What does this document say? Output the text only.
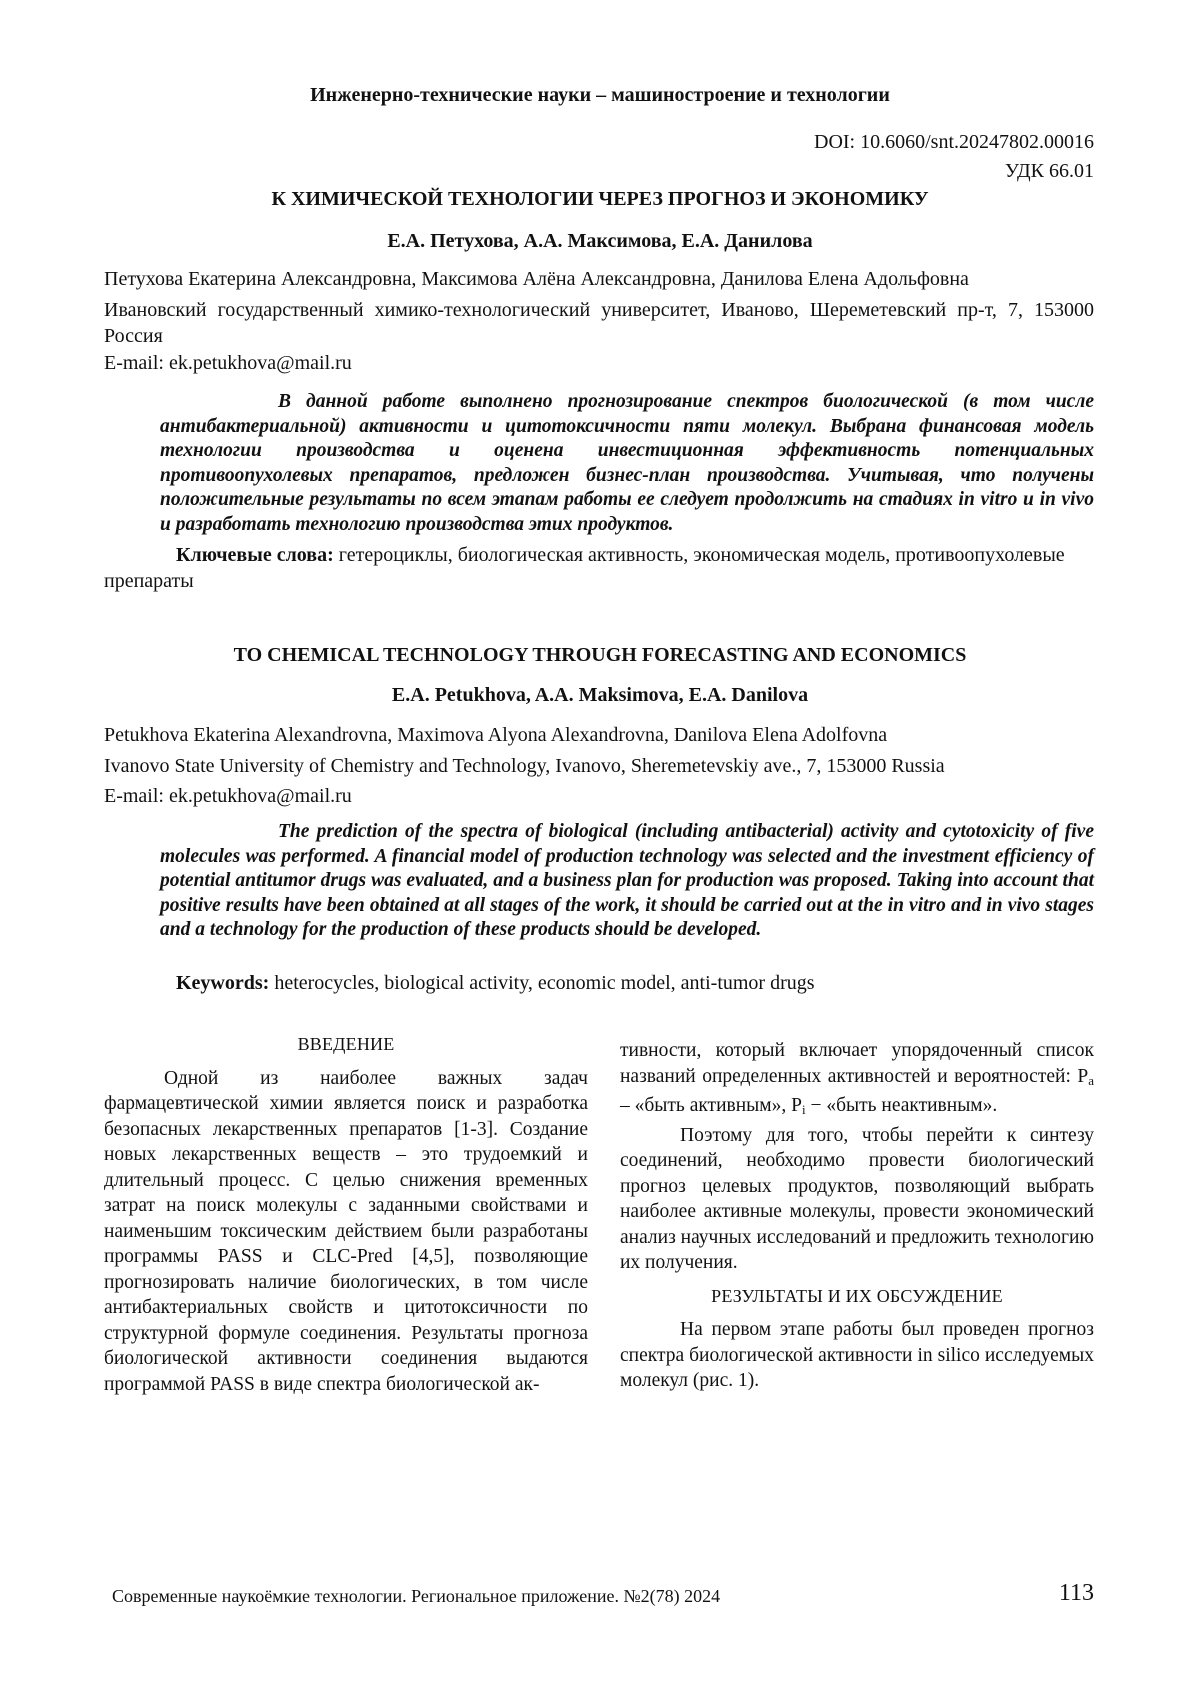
Инженерно-технические науки – машиностроение и технологии
DOI: 10.6060/snt.20247802.00016
УДК 66.01
К ХИМИЧЕСКОЙ ТЕХНОЛОГИИ ЧЕРЕЗ ПРОГНОЗ И ЭКОНОМИКУ
Е.А. Петухова, А.А. Максимова, Е.А. Данилова
Петухова Екатерина Александровна, Максимова Алёна Александровна, Данилова Елена Адольфовна
Ивановский государственный химико-технологический университет, Иваново, Шереметевский пр-т, 7, 153000 Россия
E-mail: ek.petukhova@mail.ru
В данной работе выполнено прогнозирование спектров биологической (в том числе антибактериальной) активности и цитотоксичности пяти молекул. Выбрана финансовая модель технологии производства и оценена инвестиционная эффективность потенциальных противоопухолевых препаратов, предложен бизнес-план производства. Учитывая, что получены положительные результаты по всем этапам работы ее следует продолжить на стадиях in vitro и in vivo и разработать технологию производства этих продуктов.
Ключевые слова: гетероциклы, биологическая активность, экономическая модель, противоопухолевые препараты
TO CHEMICAL TECHNOLOGY THROUGH FORECASTING AND ECONOMICS
E.A. Petukhova, A.A. Maksimova, E.A. Danilova
Petukhova Ekaterina Alexandrovna, Maximova Alyona Alexandrovna, Danilova Elena Adolfovna
Ivanovo State University of Chemistry and Technology, Ivanovo, Sheremetevskiy ave., 7, 153000 Russia
E-mail: ek.petukhova@mail.ru
The prediction of the spectra of biological (including antibacterial) activity and cytotoxicity of five molecules was performed. A financial model of production technology was selected and the investment efficiency of potential antitumor drugs was evaluated, and a business plan for production was proposed. Taking into account that positive results have been obtained at all stages of the work, it should be carried out at the in vitro and in vivo stages and a technology for the production of these products should be developed.
Keywords: heterocycles, biological activity, economic model, anti-tumor drugs

ВВЕДЕНИЕ

Одной из наиболее важных задач фармацевтической химии является поиск и разработка безопасных лекарственных препаратов [1-3]. Создание новых лекарственных веществ – это трудоемкий и длительный процесс. С целью снижения временных затрат на поиск молекулы с заданными свойствами и наименьшим токсическим действием были разработаны программы PASS и CLC-Pred [4,5], позволяющие прогнозировать наличие биологических, в том числе антибактериальных свойств и цитотоксичности по структурной формуле соединения. Результаты прогноза биологической активности соединения выдаются программой PASS в виде спектра биологической ак-

тивности, который включает упорядоченный список названий определенных активностей и вероятностей: $P_a$ – «быть активным», $P_i$ − «быть неактивным».

Поэтому для того, чтобы перейти к синтезу соединений, необходимо провести биологический прогноз целевых продуктов, позволяющий выбрать наиболее активные молекулы, провести экономический анализ научных исследований и предложить технологию их получения.

РЕЗУЛЬТАТЫ И ИХ ОБСУЖДЕНИЕ

На первом этапе работы был проведен прогноз спектра биологической активности in silico исследуемых молекул (рис. 1).

Современные наукоёмкие технологии. Региональное приложение. №2(78) 2024	113
